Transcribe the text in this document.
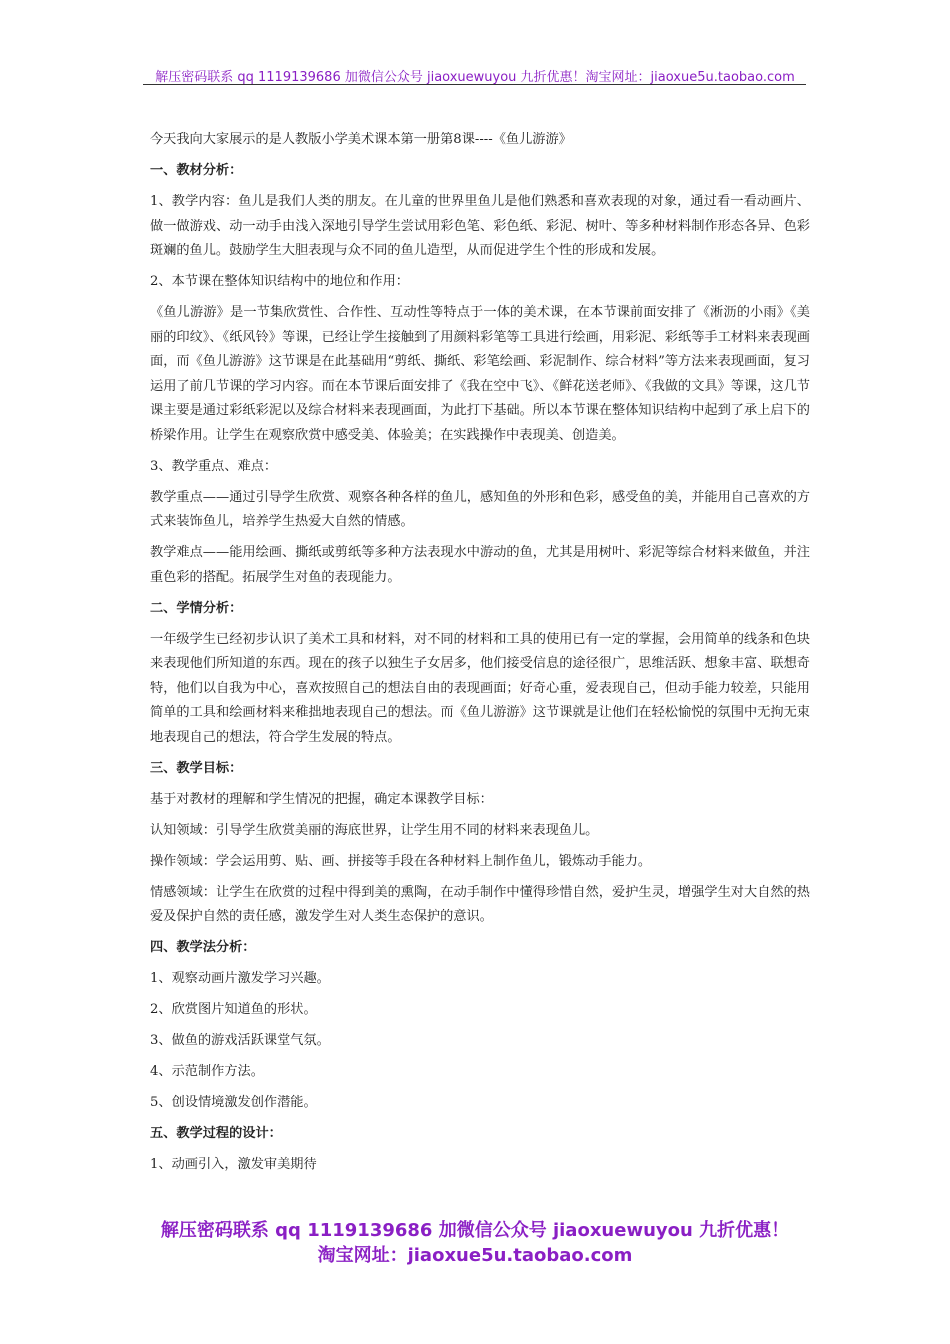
解压密码联系 qq 1119139686 加微信公众号 jiaoxuewuyou 九折优惠！淘宝网址：jiaoxue5u.taobao.com

今天我向大家展示的是人教版小学美术课本第一册第8课----《鱼儿游游》

一、教材分析：

1、教学内容：鱼儿是我们人类的朋友。在儿童的世界里鱼儿是他们熟悉和喜欢表现的对象，通过看一看动画片、做一做游戏、动一动手由浅入深地引导学生尝试用彩色笔、彩色纸、彩泥、树叶、等多种材料制作形态各异、色彩斑斓的鱼儿。鼓励学生大胆表现与众不同的鱼儿造型，从而促进学生个性的形成和发展。

2、本节课在整体知识结构中的地位和作用：

《鱼儿游游》是一节集欣赏性、合作性、互动性等特点于一体的美术课，在本节课前面安排了《淅沥的小雨》《美丽的印纹》、《纸风铃》等课，已经让学生接触到了用颜料彩笔等工具进行绘画，用彩泥、彩纸等手工材料来表现画面，而《鱼儿游游》这节课是在此基础用“剪纸、撕纸、彩笔绘画、彩泥制作、综合材料”等方法来表现画面，复习运用了前几节课的学习内容。而在本节课后面安排了《我在空中飞》、《鲜花送老师》、《我做的文具》等课，这几节课主要是通过彩纸彩泥以及综合材料来表现画面，为此打下基础。所以本节课在整体知识结构中起到了承上启下的桥梁作用。让学生在观察欣赏中感受美、体验美；在实践操作中表现美、创造美。

3、教学重点、难点：

教学重点——通过引导学生欣赏、观察各种各样的鱼儿，感知鱼的外形和色彩，感受鱼的美，并能用自己喜欢的方式来装饰鱼儿，培养学生热爱大自然的情感。

教学难点——能用绘画、撕纸或剪纸等多种方法表现水中游动的鱼，尤其是用树叶、彩泥等综合材料来做鱼，并注重色彩的搭配。拓展学生对鱼的表现能力。

二、学情分析：

一年级学生已经初步认识了美术工具和材料，对不同的材料和工具的使用已有一定的掌握，会用简单的线条和色块来表现他们所知道的东西。现在的孩子以独生子女居多，他们接受信息的途径很广，思维活跃、想象丰富、联想奇特，他们以自我为中心，喜欢按照自己的想法自由的表现画面；好奇心重，爱表现自己，但动手能力较差，只能用简单的工具和绘画材料来稚拙地表现自己的想法。而《鱼儿游游》这节课就是让他们在轻松愉悦的氛围中无拘无束地表现自己的想法，符合学生发展的特点。

三、教学目标：

基于对教材的理解和学生情况的把握，确定本课教学目标：

认知领域：引导学生欣赏美丽的海底世界，让学生用不同的材料来表现鱼儿。

操作领域：学会运用剪、贴、画、拼接等手段在各种材料上制作鱼儿，锻炼动手能力。

情感领域：让学生在欣赏的过程中得到美的熏陶，在动手制作中懂得珍惜自然，爱护生灵，增强学生对大自然的热爱及保护自然的责任感，激发学生对人类生态保护的意识。

四、教学法分析：

1、观察动画片激发学习兴趣。

2、欣赏图片知道鱼的形状。

3、做鱼的游戏活跃课堂气氛。

4、示范制作方法。

5、创设情境激发创作潜能。

五、教学过程的设计：

1、动画引入，激发审美期待

解压密码联系 qq 1119139686 加微信公众号 jiaoxuewuyou 九折优惠！
淘宝网址：jiaoxue5u.taobao.com
